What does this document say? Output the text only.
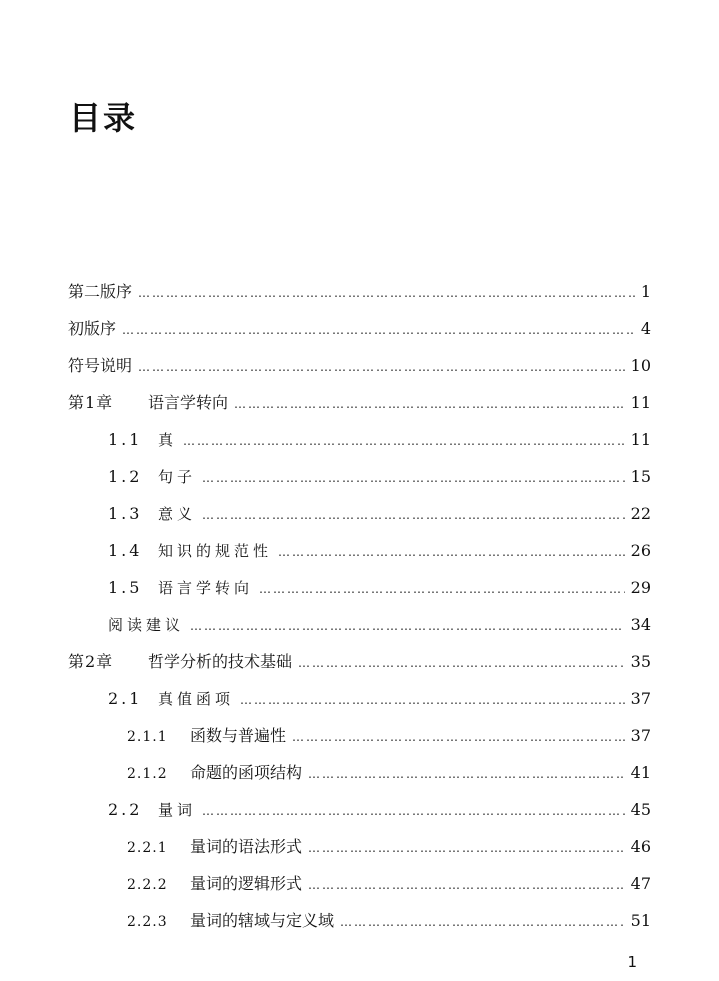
目录
第二版序 …………………………………………………………………………………………………………………………………………………………………………	1
初版序 …………………………………………………………………………………………………………………………………………………………………………	4
符号说明 …………………………………………………………………………………………………………………………………………………………………………	10
第1章	语言学转向 …………………………………………………………………………………………………………………………………………………………………………	11
1.1	真 …………………………………………………………………………………………………………………………………………………………………………	11
1.2	句子 …………………………………………………………………………………………………………………………………………………………………………	15
1.3	意义 …………………………………………………………………………………………………………………………………………………………………………	22
1.4	知识的规范性 …………………………………………………………………………………………………………………………………………………………………………	26
1.5	语言学转向 …………………………………………………………………………………………………………………………………………………………………………	29
阅读建议 …………………………………………………………………………………………………………………………………………………………………………	34
第2章	哲学分析的技术基础 …………………………………………………………………………………………………………………………………………………………………………	35
2.1	真值函项 …………………………………………………………………………………………………………………………………………………………………………	37
2.1.1	函数与普遍性 …………………………………………………………………………………………………………………………………………………………………………	37
2.1.2	命题的函项结构 …………………………………………………………………………………………………………………………………………………………………………	41
2.2	量词 …………………………………………………………………………………………………………………………………………………………………………	45
2.2.1	量词的语法形式 …………………………………………………………………………………………………………………………………………………………………………	46
2.2.2	量词的逻辑形式 …………………………………………………………………………………………………………………………………………………………………………	47
2.2.3	量词的辖域与定义域 …………………………………………………………………………………………………………………………………………………………………………	51

1
